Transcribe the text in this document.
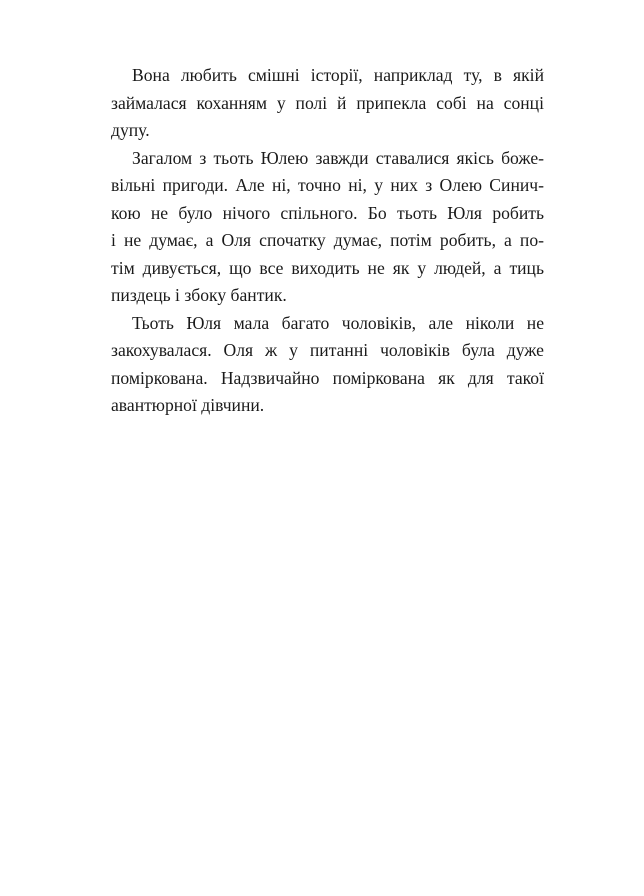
Вона любить смішні історії, наприклад ту, в якій
займалася коханням у полі й припекла собі на сонці
дупу.
Загалом з тьоть Юлею завжди ставалися якісь боже-
вільні пригоди. Але ні, точно ні, у них з Олею Синич-
кою не було нічого спільного. Бо тьоть Юля робить
і не думає, а Оля спочатку думає, потім робить, а по-
тім дивується, що все виходить не як у людей, а тиць
пиздець і збоку бантик.
Тьоть Юля мала багато чоловіків, але ніколи не
закохувалася. Оля ж у питанні чоловіків була дуже
поміркована. Надзвичайно поміркована як для такої
авантюрної дівчини.
